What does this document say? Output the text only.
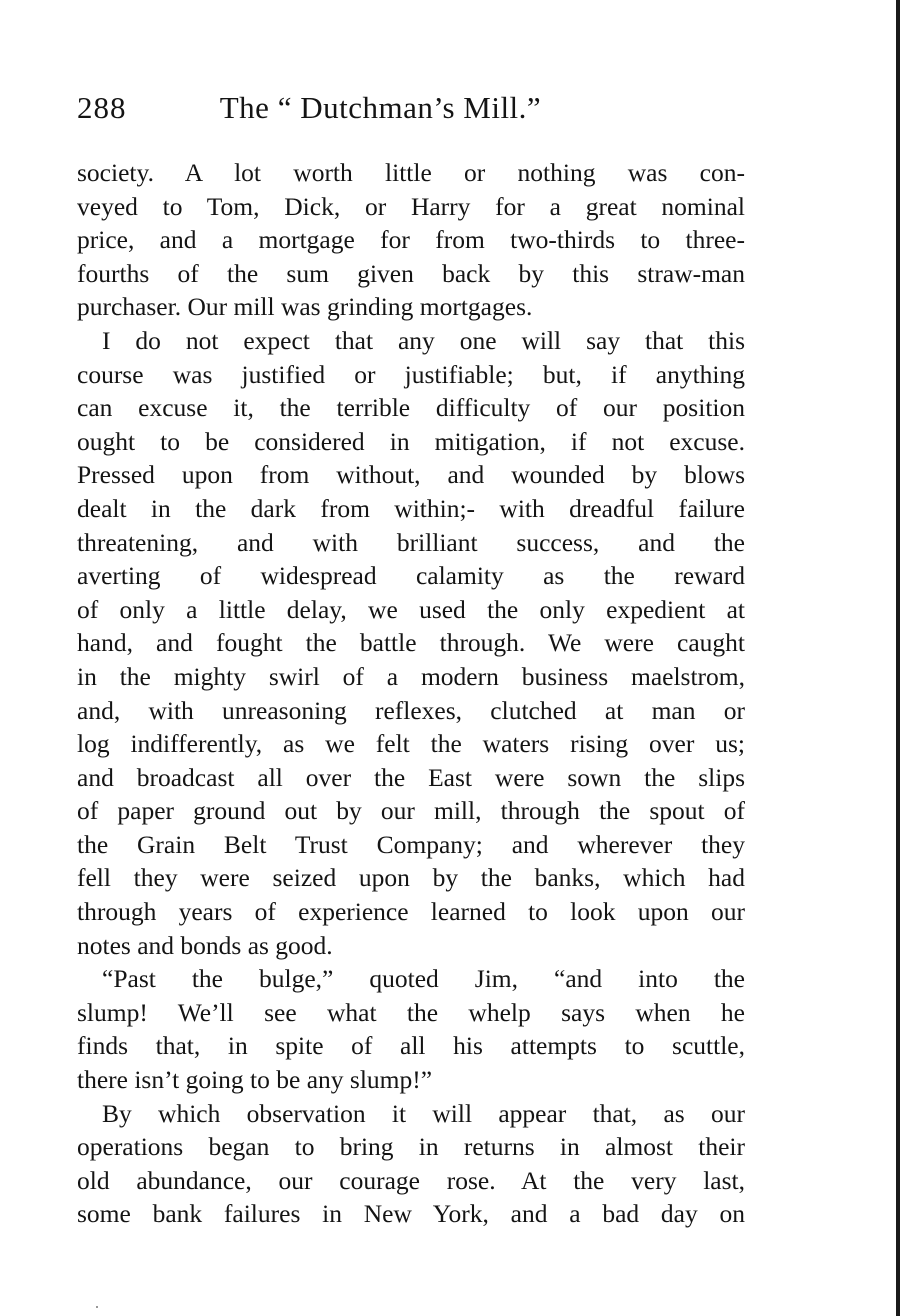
288	The “ Dutchman’s Mill.”
society. A lot worth little or nothing was con-
veyed to Tom, Dick, or Harry for a great nominal
price, and a mortgage for from two-thirds to three-
fourths of the sum given back by this straw-man
purchaser. Our mill was grinding mortgages.
I do not expect that any one will say that this
course was justified or justifiable; but, if anything
can excuse it, the terrible difficulty of our position
ought to be considered in mitigation, if not excuse.
Pressed upon from without, and wounded by blows
dealt in the dark from within;- with dreadful failure
threatening, and with brilliant success, and the
averting of widespread calamity as the reward
of only a little delay, we used the only expedient at
hand, and fought the battle through. We were caught
in the mighty swirl of a modern business maelstrom,
and, with unreasoning reflexes, clutched at man or
log indifferently, as we felt the waters rising over us;
and broadcast all over the East were sown the slips
of paper ground out by our mill, through the spout of
the Grain Belt Trust Company; and wherever they
fell they were seized upon by the banks, which had
through years of experience learned to look upon our
notes and bonds as good.
“Past the bulge,” quoted Jim, “and into the
slump! We’ll see what the whelp says when he
finds that, in spite of all his attempts to scuttle,
there isn’t going to be any slump!”
By which observation it will appear that, as our
operations began to bring in returns in almost their
old abundance, our courage rose. At the very last,
some bank failures in New York, and a bad day on
